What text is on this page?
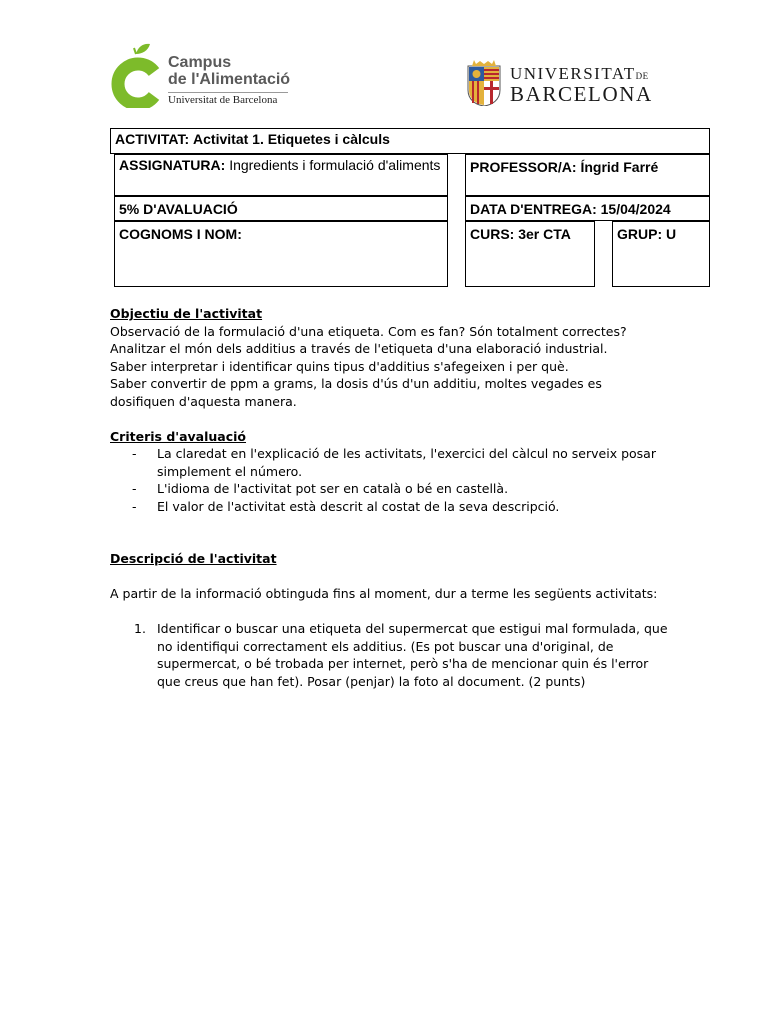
Campus
de l'Alimentació
Universitat de Barcelona
UNIVERSITATDE
BARCELONA
ACTIVITAT: Activitat 1. Etiquetes i càlculs
ASSIGNATURA: Ingredients i formulació d'aliments	PROFESSOR/A: Íngrid Farré
5% D'AVALUACIÓ	DATA D'ENTREGA: 15/04/2024
COGNOMS I NOM:	CURS: 3er CTA	GRUP: U

Objectiu de l'activitat

Observació de la formulació d'una etiqueta. Com es fan? Són totalment correctes?

Analitzar el món dels additius a través de l'etiqueta d'una elaboració industrial.

Saber interpretar i identificar quins tipus d'additius s'afegeixen i per què.

Saber convertir de ppm a grams, la dosis d'ús d'un additiu, moltes vegades es

dosifiquen d'aquesta manera.

Criteris d'avaluació

- La claredat en l'explicació de les activitats, l'exercici del càlcul no serveix posar simplement el número.
- L'idioma de l'activitat pot ser en català o bé en castellà.
- El valor de l'activitat està descrit al costat de la seva descripció.

Descripció de l'activitat

A partir de la informació obtinguda fins al moment, dur a terme les següents activitats:

1. Identificar o buscar una etiqueta del supermercat que estigui mal formulada, que no identifiqui correctament els additius. (Es pot buscar una d'original, de supermercat, o bé trobada per internet, però s'ha de mencionar quin és l'error que creus que han fet). Posar (penjar) la foto al document. (2 punts)
